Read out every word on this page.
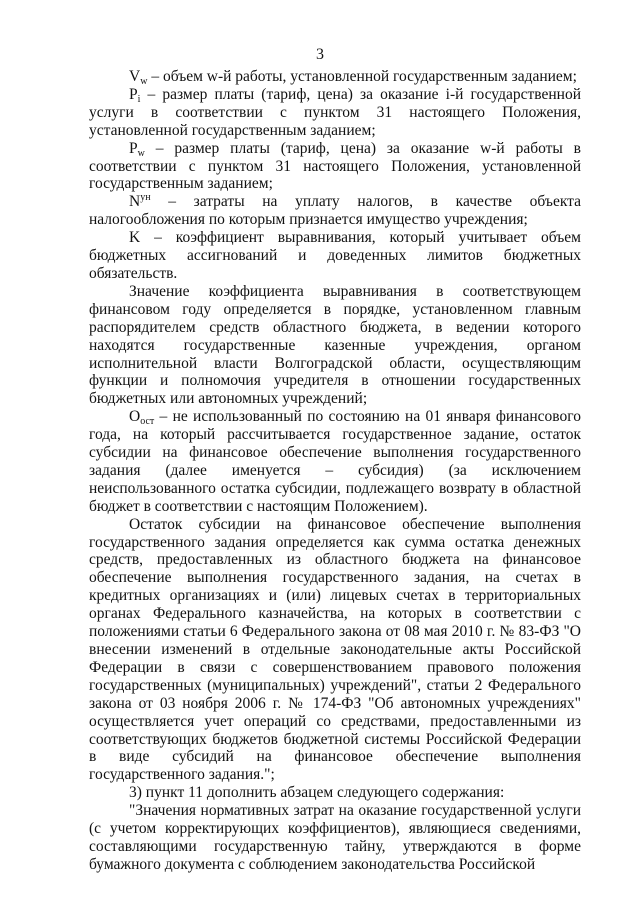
3

$V_w$ – объем w-й работы, установленной государственным заданием;

$P_i$ – размер платы (тариф, цена) за оказание i-й государственной услуги в соответствии с пунктом 31 настоящего Положения, установленной государственным заданием;

$P_w$ – размер платы (тариф, цена) за оказание w-й работы в соответствии с пунктом 31 настоящего Положения, установленной государственным заданием;

$N^{ун}$ – затраты на уплату налогов, в качестве объекта налогообложения по которым признается имущество учреждения;

K – коэффициент выравнивания, который учитывает объем бюджетных ассигнований и доведенных лимитов бюджетных обязательств.

Значение коэффициента выравнивания в соответствующем финансовом году определяется в порядке, установленном главным распорядителем средств областного бюджета, в ведении которого находятся государственные казенные учреждения, органом исполнительной власти Волгоградской области, осуществляющим функции и полномочия учредителя в отношении государственных бюджетных или автономных учреждений;

$О_{ост}$ – не использованный по состоянию на 01 января финансового года, на который рассчитывается государственное задание, остаток субсидии на финансовое обеспечение выполнения государственного задания (далее именуется – субсидия) (за исключением неиспользованного остатка субсидии, подлежащего возврату в областной бюджет в соответствии с настоящим Положением).

Остаток субсидии на финансовое обеспечение выполнения государственного задания определяется как сумма остатка денежных средств, предоставленных из областного бюджета на финансовое обеспечение выполнения государственного задания, на счетах в кредитных организациях и (или) лицевых счетах в территориальных органах Федерального казначейства, на которых в соответствии с положениями статьи 6 Федерального закона от 08 мая 2010 г. № 83-ФЗ "О внесении изменений в отдельные законодательные акты Российской Федерации в связи с совершенствованием правового положения государственных (муниципальных) учреждений", статьи 2 Федерального закона от 03 ноября 2006 г. № 174-ФЗ "Об автономных учреждениях" осуществляется учет операций со средствами, предоставленными из соответствующих бюджетов бюджетной системы Российской Федерации в виде субсидий на финансовое обеспечение выполнения государственного задания.";

3) пункт 11 дополнить абзацем следующего содержания:

"Значения нормативных затрат на оказание государственной услуги (с учетом корректирующих коэффициентов), являющиеся сведениями, составляющими государственную тайну, утверждаются в форме бумажного документа с соблюдением законодательства Российской
